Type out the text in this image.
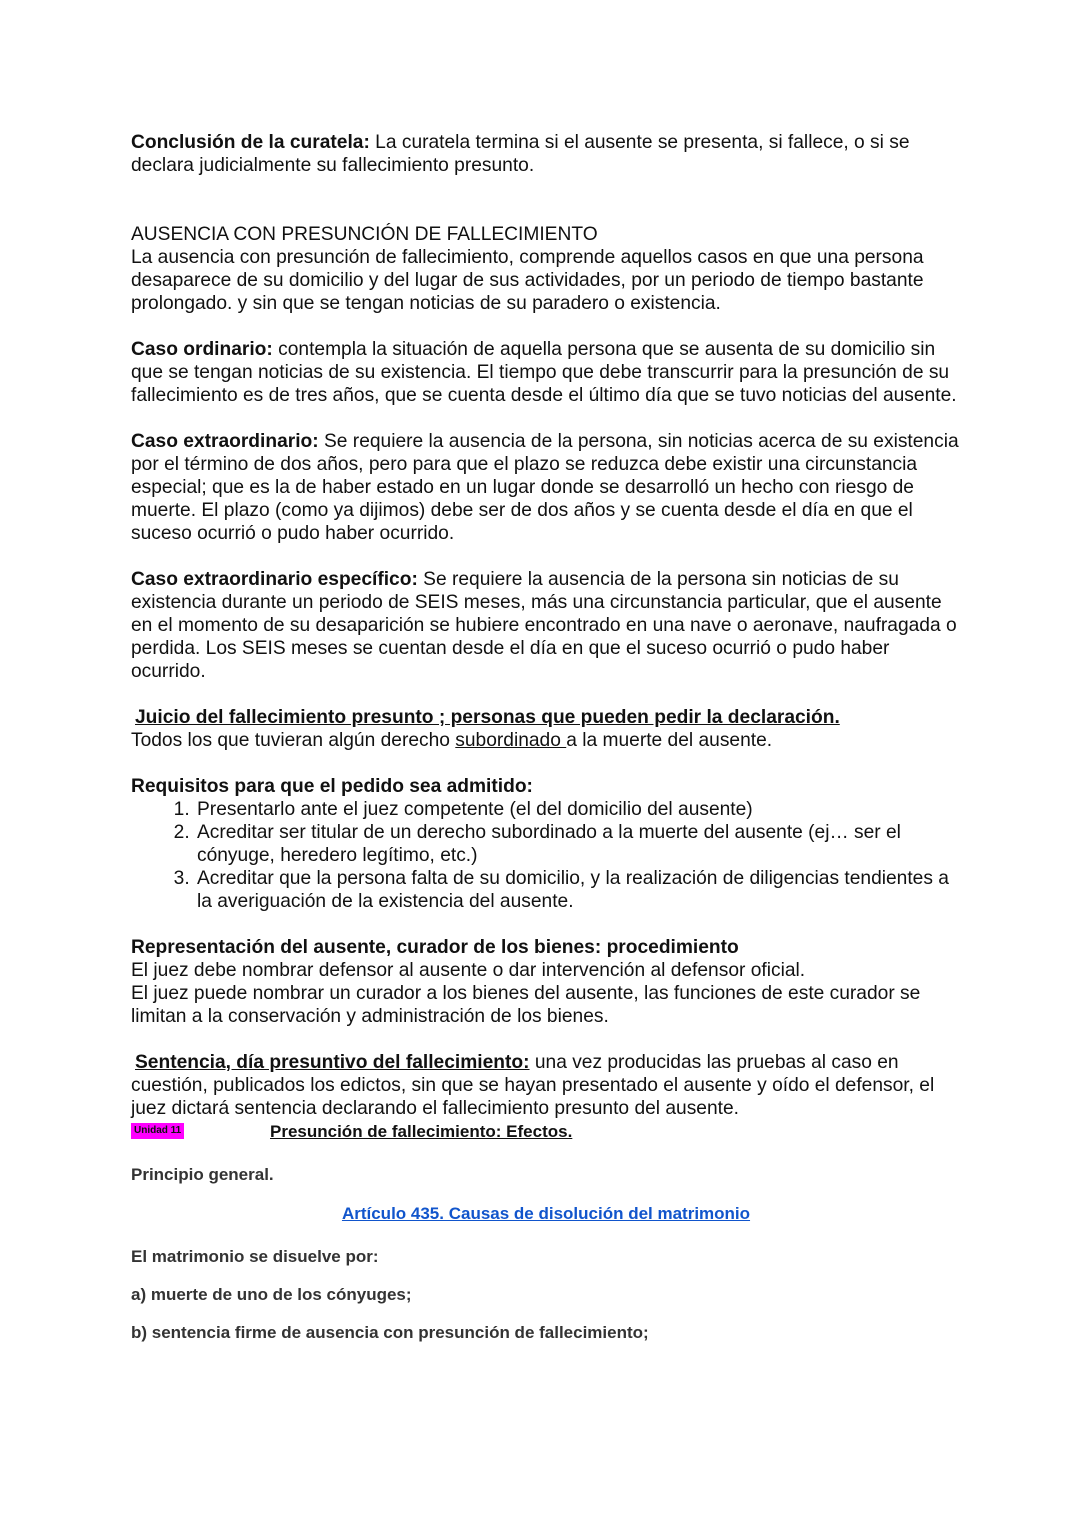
Conclusión de la curatela: La curatela termina si el ausente se presenta, si fallece, o si se declara judicialmente su fallecimiento presunto.

AUSENCIA CON PRESUNCIÓN DE FALLECIMIENTO

La ausencia con presunción de fallecimiento, comprende aquellos casos en que una persona desaparece de su domicilio y del lugar de sus actividades, por un periodo de tiempo bastante prolongado. y sin que se tengan noticias de su paradero o existencia.

Caso ordinario: contempla la situación de aquella persona que se ausenta de su domicilio sin que se tengan noticias de su existencia. El tiempo que debe transcurrir para la presunción de su fallecimiento es de tres años, que se cuenta desde el último día que se tuvo noticias del ausente.

Caso extraordinario: Se requiere la ausencia de la persona, sin noticias acerca de su existencia por el término de dos años, pero para que el plazo se reduzca debe existir una circunstancia especial; que es la de haber estado en un lugar donde se desarrolló un hecho con riesgo de muerte. El plazo (como ya dijimos) debe ser de dos años y se cuenta desde el día en que el suceso ocurrió o pudo haber ocurrido.

Caso extraordinario específico: Se requiere la ausencia de la persona sin noticias de su existencia durante un periodo de SEIS meses, más una circunstancia particular, que el ausente en el momento de su desaparición se hubiere encontrado en una nave o aeronave, naufragada o perdida. Los SEIS meses se cuentan desde el día en que el suceso ocurrió o pudo haber ocurrido.

Juicio del fallecimiento presunto ; personas que pueden pedir la declaración.

Todos los que tuvieran algún derecho subordinado a la muerte del ausente.

Requisitos para que el pedido sea admitido:

1. Presentarlo ante el juez competente (el del domicilio del ausente)
2. Acreditar ser titular de un derecho subordinado a la muerte del ausente (ej… ser el cónyuge, heredero legítimo, etc.)
3. Acreditar que la persona falta de su domicilio, y la realización de diligencias tendientes a la averiguación de la existencia del ausente.

Representación del ausente, curador de los bienes: procedimiento

El juez debe nombrar defensor al ausente o dar intervención al defensor oficial.

El juez puede nombrar un curador a los bienes del ausente, las funciones de este curador se limitan a la conservación y administración de los bienes.

Sentencia, día presuntivo del fallecimiento: una vez producidas las pruebas al caso en cuestión, publicados los edictos, sin que se hayan presentado el ausente y oído el defensor, el juez dictará sentencia declarando el fallecimiento presunto del ausente.

Unidad 11	Presunción de fallecimiento: Efectos.

Principio general.

Artículo 435. Causas de disolución del matrimonio

El matrimonio se disuelve por:

a) muerte de uno de los cónyuges;

b) sentencia firme de ausencia con presunción de fallecimiento;
